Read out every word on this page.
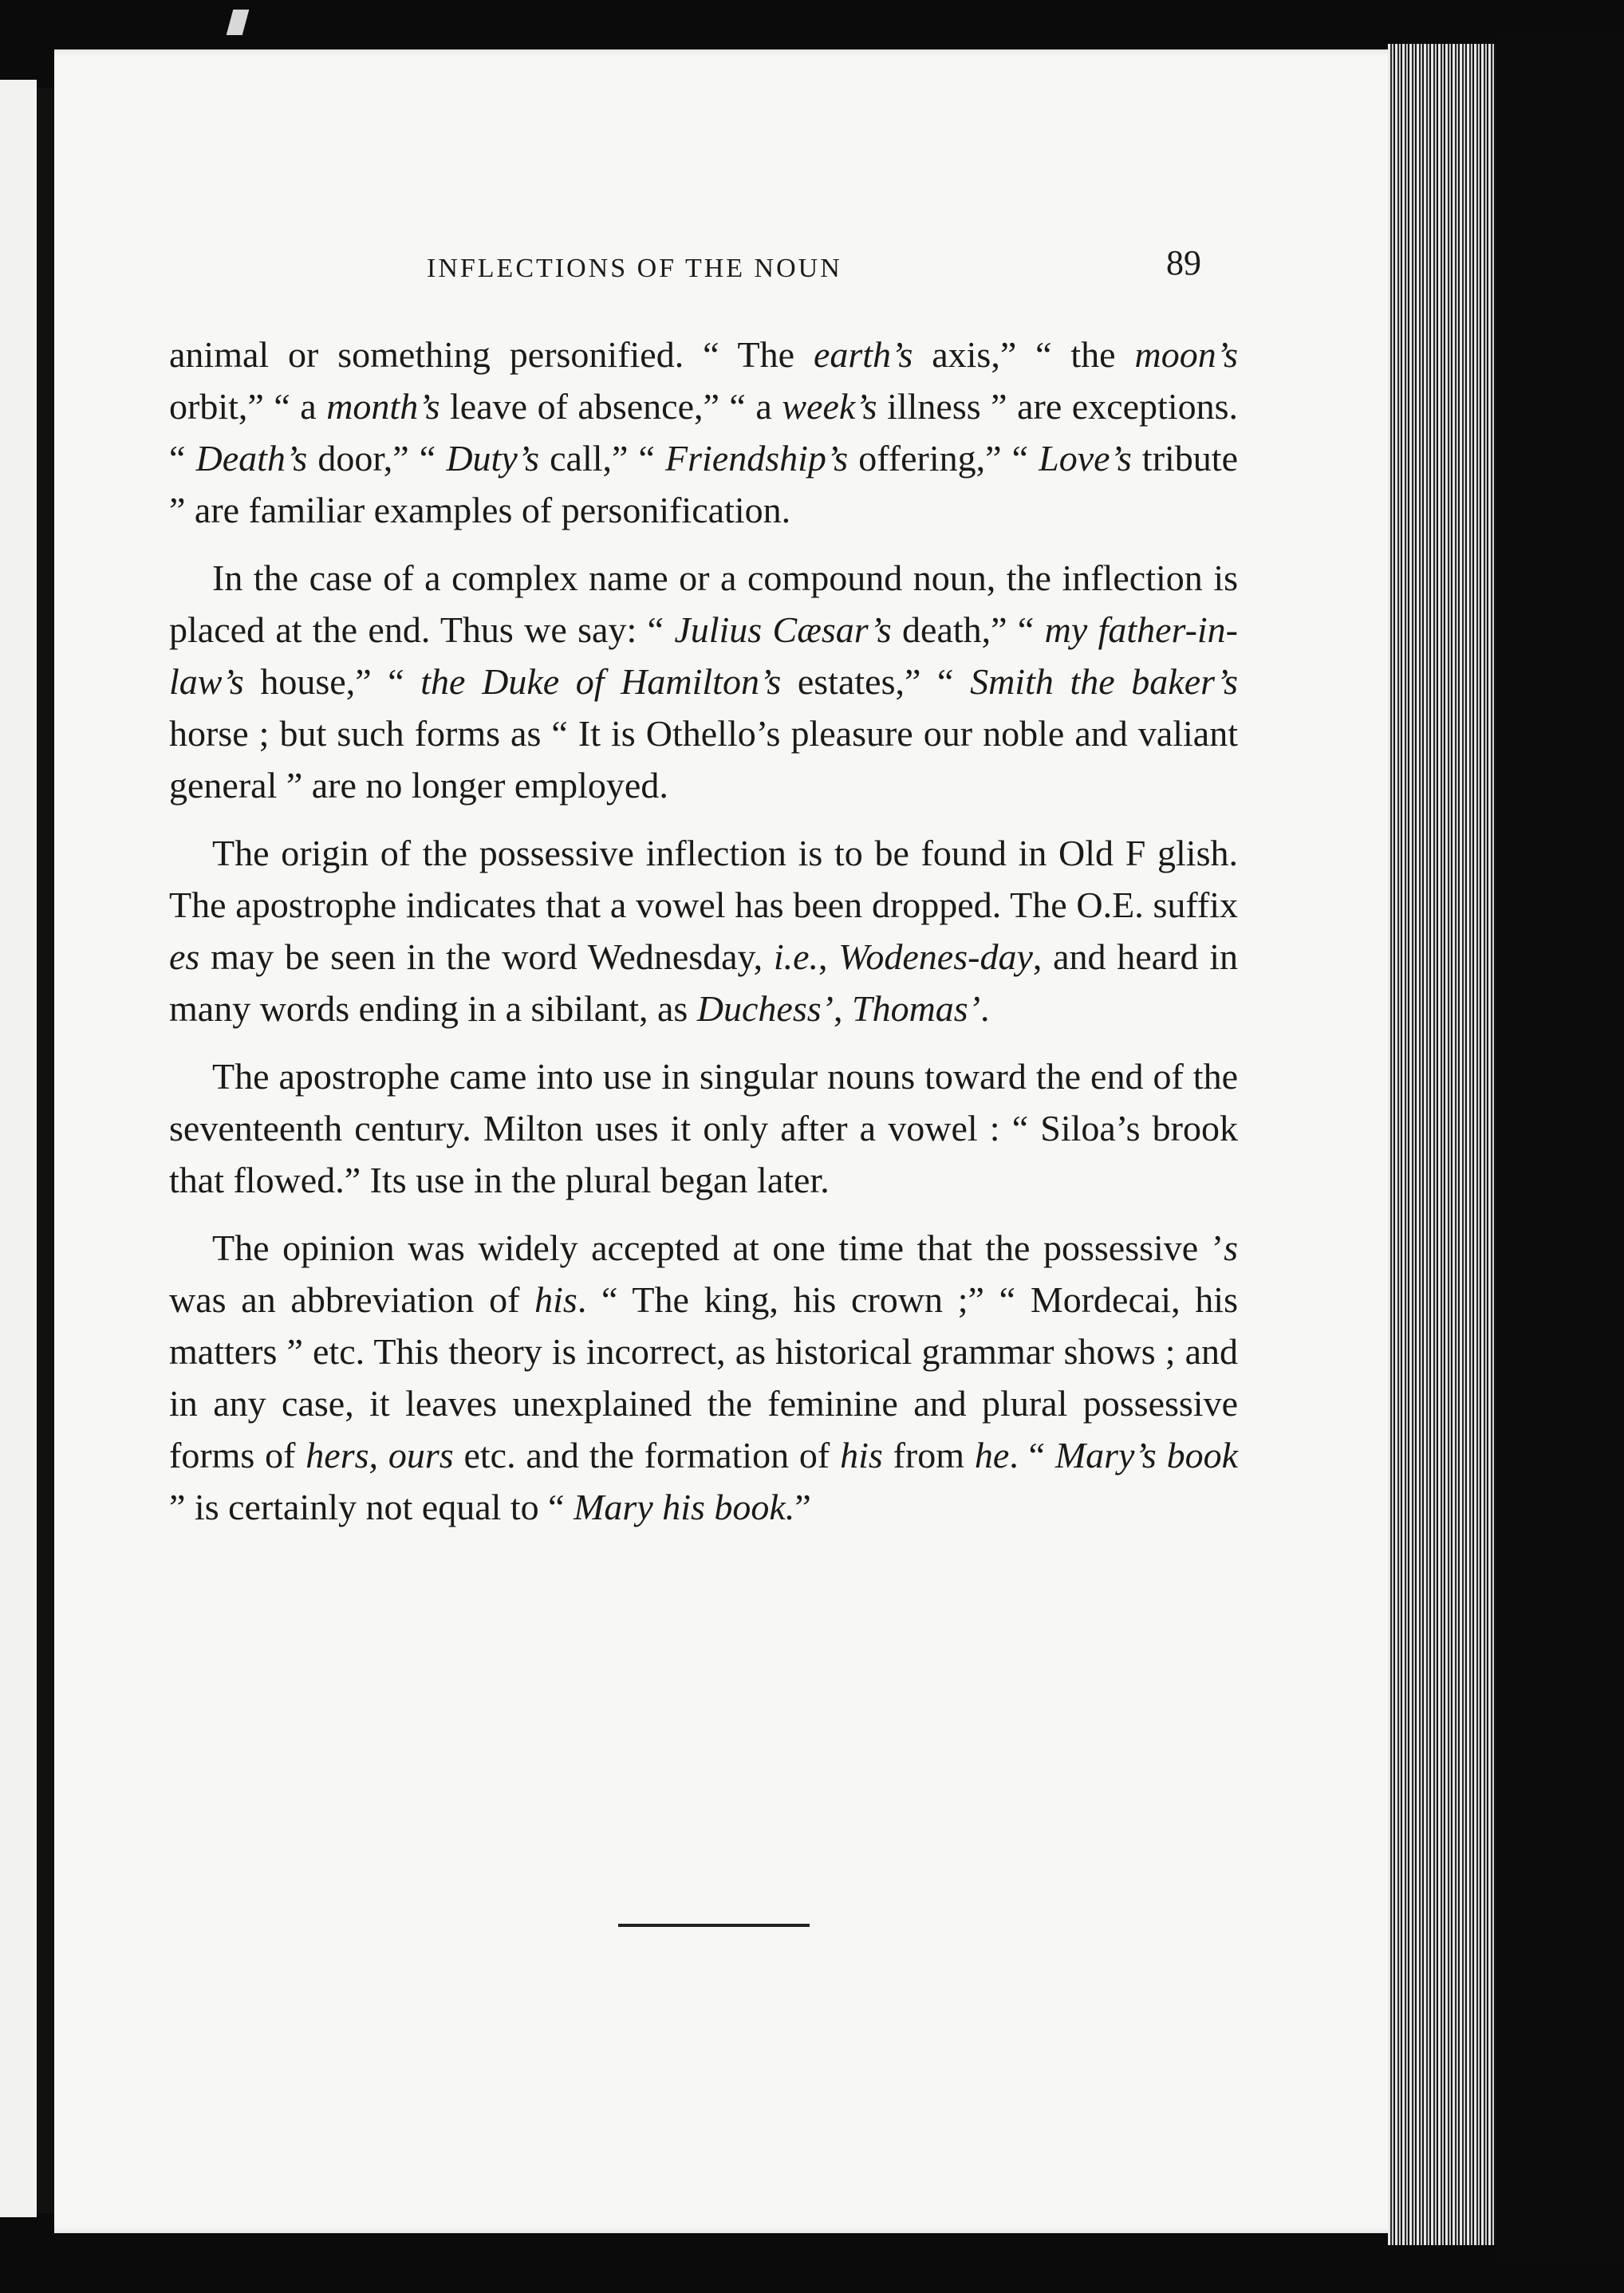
INFLECTIONS OF THE NOUN	89

animal or something personified. “ The earth’s axis,” “ the moon’s orbit,” “ a month’s leave of absence,” “ a week’s illness ” are exceptions. “ Death’s door,” “ Duty’s call,” “ Friendship’s offering,” “ Love’s tribute ” are familiar examples of personification.

In the case of a complex name or a compound noun, the inflection is placed at the end. Thus we say: “ Julius Cæsar’s death,” “ my father-in-law’s house,” “ the Duke of Hamilton’s estates,” “ Smith the baker’s horse ; but such forms as “ It is Othello’s pleasure our noble and valiant general ” are no longer employed.

The origin of the possessive inflection is to be found in Old F glish. The apostrophe indicates that a vowel has been dropped. The O.E. suffix es may be seen in the word Wednesday, i.e., Wodenes-day, and heard in many words ending in a sibilant, as Duchess’, Thomas’.

The apostrophe came into use in singular nouns toward the end of the seventeenth century. Milton uses it only after a vowel : “ Siloa’s brook that flowed.” Its use in the plural began later.

The opinion was widely accepted at one time that the possessive ’s was an abbreviation of his. “ The king, his crown ;” “ Mordecai, his matters ” etc. This theory is incorrect, as historical grammar shows ; and in any case, it leaves unexplained the feminine and plural possessive forms of hers, ours etc. and the formation of his from he. “ Mary’s book ” is certainly not equal to “ Mary his book.”
